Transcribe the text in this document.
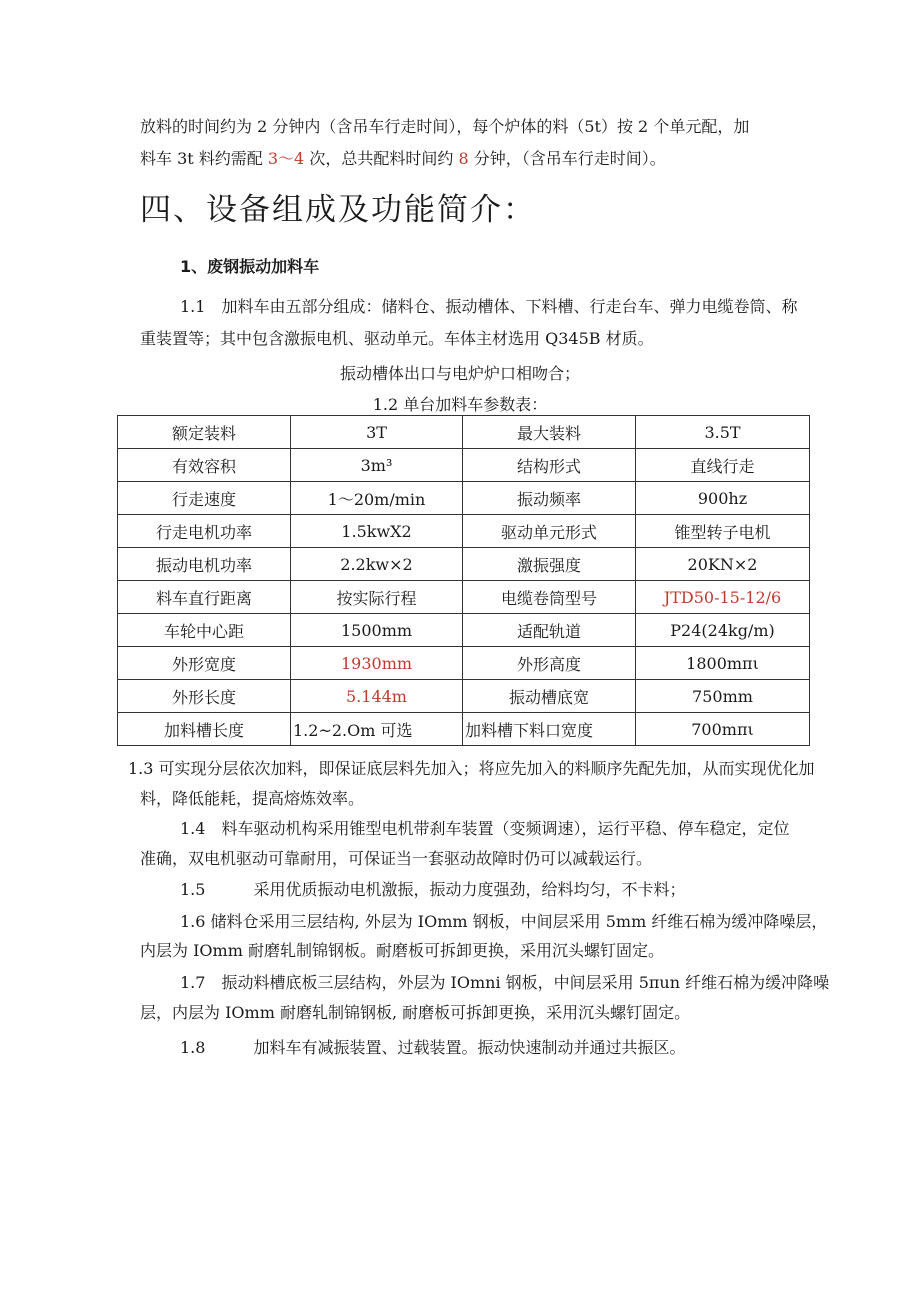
放料的时间约为 2 分钟内（含吊车行走时间），每个炉体的料（5t）按 2 个单元配，加
料车 3t 料约需配 3～4 次，总共配料时间约 8 分钟，（含吊车行走时间）。
四、设备组成及功能简介：
1、废钢振动加料车
1.1　加料车由五部分组成：储料仓、振动槽体、下料槽、行走台车、弹力电缆卷筒、称
重装置等；其中包含激振电机、驱动单元。车体主材选用 Q345B 材质。
振动槽体出口与电炉炉口相吻合；
1.2 单台加料车参数表：
额定装料	3T	最大装料	3.5T
有效容积	3m³	结构形式	直线行走
行走速度	1～20m/min	振动频率	900hz
行走电机功率	1.5kwX2	驱动单元形式	锥型转子电机
振动电机功率	2.2kw×2	激振强度	20KN×2
料车直行距离	按实际行程	电缆卷筒型号	JTD50-15-12/6
车轮中心距	1500mm	适配轨道	P24(24kg/m)
外形宽度	1930mm	外形高度	1800mπι
外形长度	5.144m	振动槽底宽	750mm
加料槽长度	1.2~2.Om 可选	加料槽下料口宽度	700mπι
1.3 可实现分层依次加料，即保证底层料先加入；将应先加入的料顺序先配先加，从而实现优化加
料，降低能耗，提高熔炼效率。
1.4　料车驱动机构采用锥型电机带刹车装置（变频调速），运行平稳、停车稳定，定位
准确，双电机驱动可靠耐用，可保证当一套驱动故障时仍可以减载运行。
1.5　　　采用优质振动电机激振，振动力度强劲，给料均匀，不卡料；
1.6 储料仓采用三层结构, 外层为 IOmm 钢板，中间层采用 5mm 纤维石棉为缓冲降噪层，
内层为 IOmm 耐磨轧制锦钢板。耐磨板可拆卸更换，采用沉头螺钉固定。
1.7　振动料槽底板三层结构，外层为 IOmni 钢板，中间层采用 5πun 纤维石棉为缓冲降噪
层，内层为 IOmm 耐磨轧制锦钢板, 耐磨板可拆卸更换，采用沉头螺钉固定。
1.8　　　加料车有减振装置、过载装置。振动快速制动并通过共振区。
